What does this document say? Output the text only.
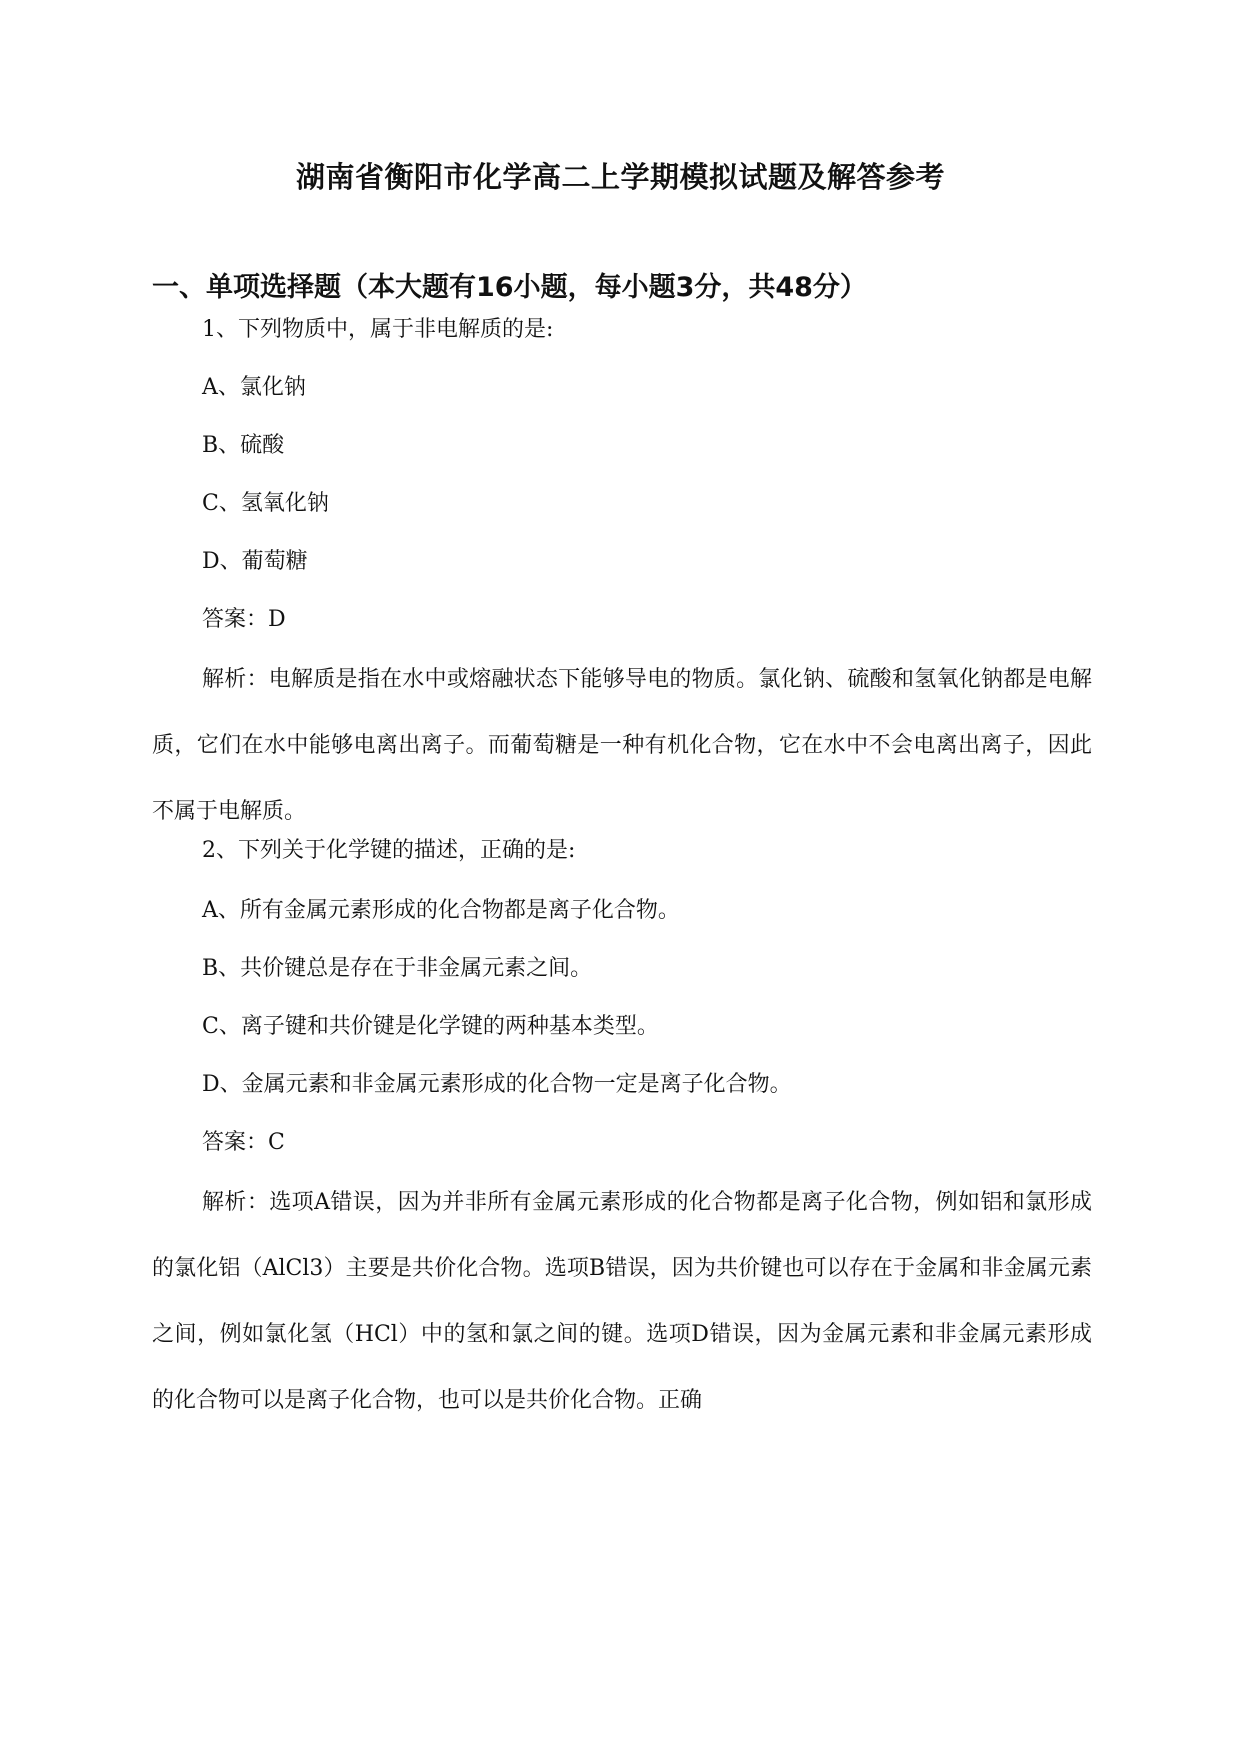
湖南省衡阳市化学高二上学期模拟试题及解答参考
一、单项选择题（本大题有16小题，每小题3分，共48分）

1、下列物质中，属于非电解质的是:

A、氯化钠

B、硫酸

C、氢氧化钠

D、葡萄糖

答案：D

解析：电解质是指在水中或熔融状态下能够导电的物质。氯化钠、硫酸和氢氧化钠都是电解质，它们在水中能够电离出离子。而葡萄糖是一种有机化合物，它在水中不会电离出离子，因此不属于电解质。

2、下列关于化学键的描述，正确的是:

A、所有金属元素形成的化合物都是离子化合物。

B、共价键总是存在于非金属元素之间。

C、离子键和共价键是化学键的两种基本类型。

D、金属元素和非金属元素形成的化合物一定是离子化合物。

答案：C

解析：选项A错误，因为并非所有金属元素形成的化合物都是离子化合物，例如铝和氯形成的氯化铝（AlCl3）主要是共价化合物。选项B错误，因为共价键也可以存在于金属和非金属元素之间，例如氯化氢（HCl）中的氢和氯之间的键。选项D错误，因为金属元素和非金属元素形成的化合物可以是离子化合物，也可以是共价化合物。正确
